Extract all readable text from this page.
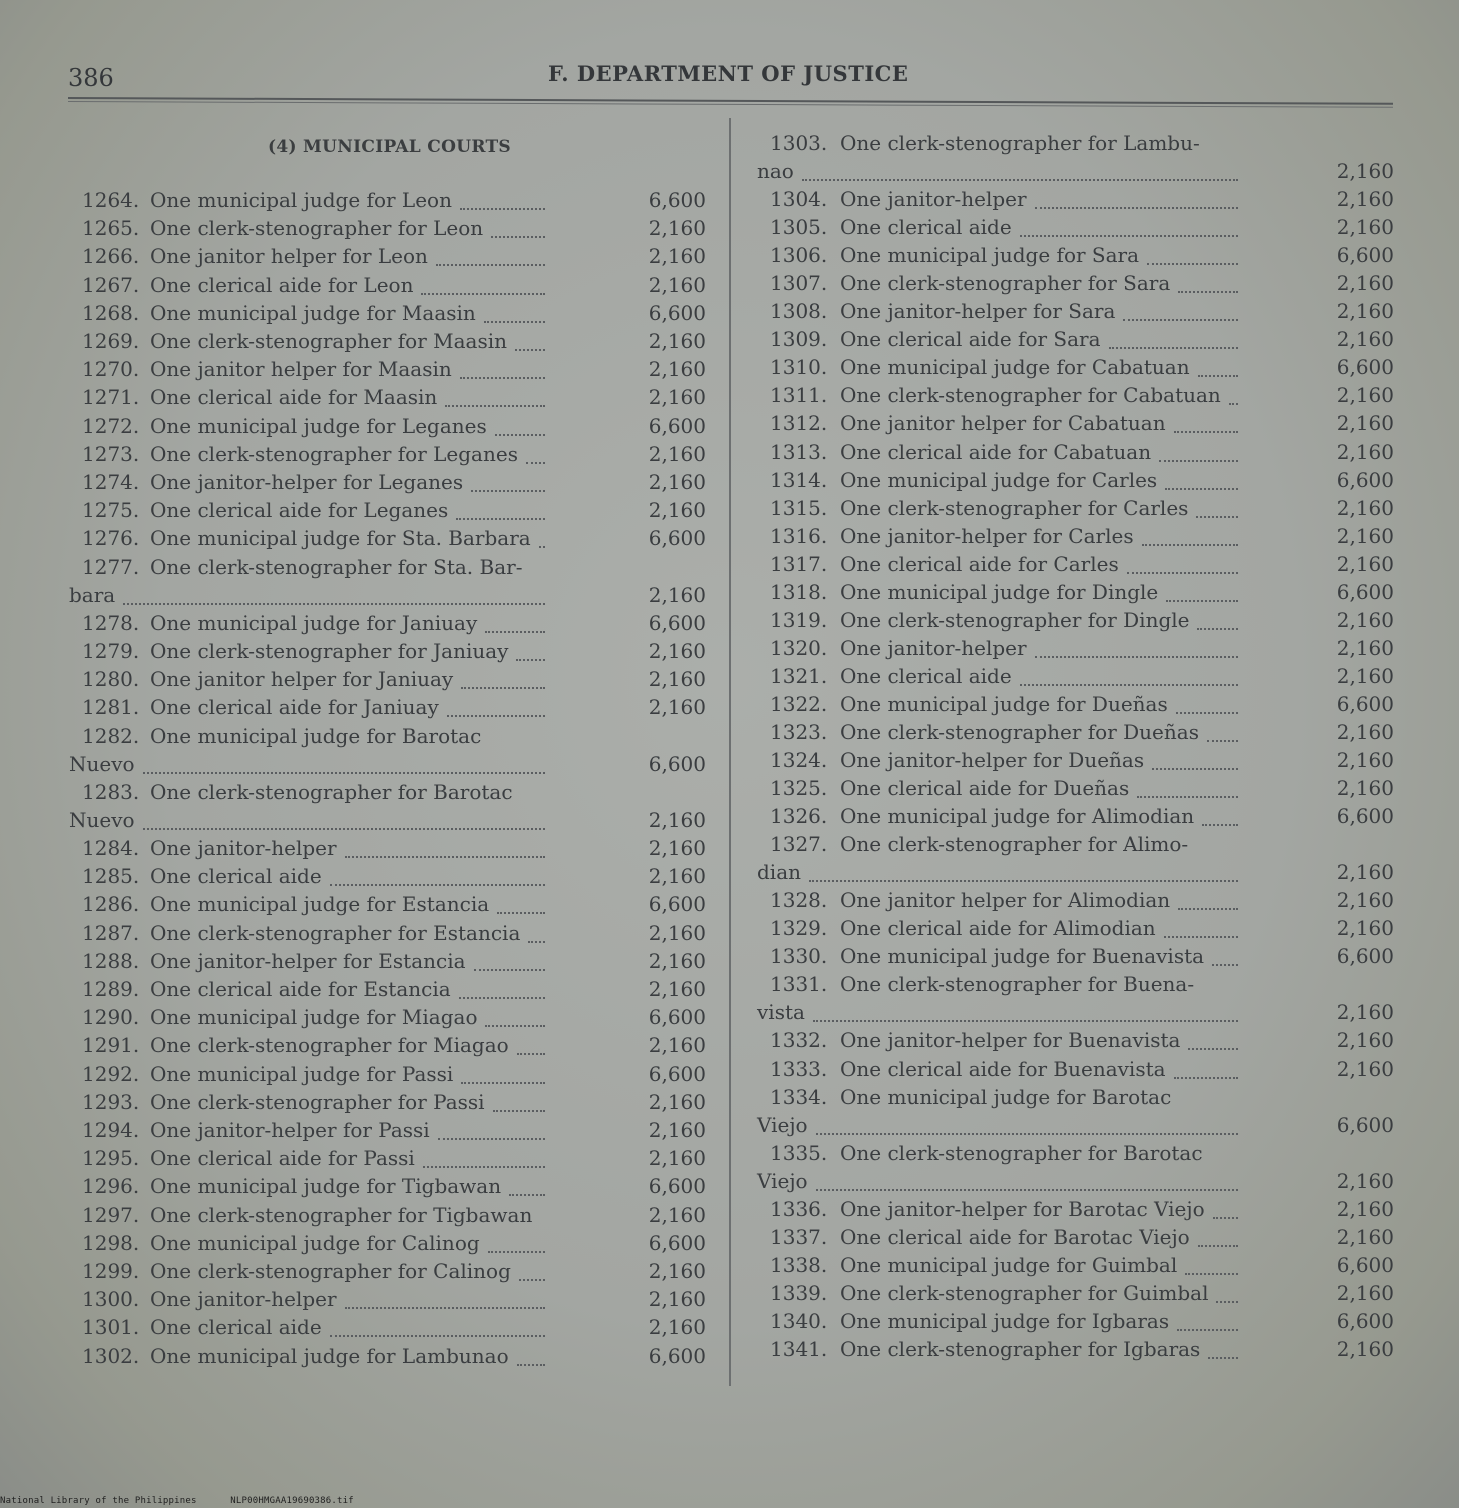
386	F. DEPARTMENT OF JUSTICE
(4) MUNICIPAL COURTS
1264. One municipal judge for Leon	6,600
1265. One clerk-stenographer for Leon	2,160
1266. One janitor helper for Leon	2,160
1267. One clerical aide for Leon	2,160
1268. One municipal judge for Maasin	6,600
1269. One clerk-stenographer for Maasin	2,160
1270. One janitor helper for Maasin	2,160
1271. One clerical aide for Maasin	2,160
1272. One municipal judge for Leganes	6,600
1273. One clerk-stenographer for Leganes	2,160
1274. One janitor-helper for Leganes	2,160
1275. One clerical aide for Leganes	2,160
1276. One municipal judge for Sta. Barbara	6,600
1277. One clerk-stenographer for Sta. Bar-
bara	2,160
1278. One municipal judge for Janiuay	6,600
1279. One clerk-stenographer for Janiuay	2,160
1280. One janitor helper for Janiuay	2,160
1281. One clerical aide for Janiuay	2,160
1282. One municipal judge for Barotac
Nuevo	6,600
1283. One clerk-stenographer for Barotac
Nuevo	2,160
1284. One janitor-helper	2,160
1285. One clerical aide	2,160
1286. One municipal judge for Estancia	6,600
1287. One clerk-stenographer for Estancia	2,160
1288. One janitor-helper for Estancia	2,160
1289. One clerical aide for Estancia	2,160
1290. One municipal judge for Miagao	6,600
1291. One clerk-stenographer for Miagao	2,160
1292. One municipal judge for Passi	6,600
1293. One clerk-stenographer for Passi	2,160
1294. One janitor-helper for Passi	2,160
1295. One clerical aide for Passi	2,160
1296. One municipal judge for Tigbawan	6,600
1297. One clerk-stenographer for Tigbawan	2,160
1298. One municipal judge for Calinog	6,600
1299. One clerk-stenographer for Calinog	2,160
1300. One janitor-helper	2,160
1301. One clerical aide	2,160
1302. One municipal judge for Lambunao	6,600
1303. One clerk-stenographer for Lambu-
nao	2,160
1304. One janitor-helper	2,160
1305. One clerical aide	2,160
1306. One municipal judge for Sara	6,600
1307. One clerk-stenographer for Sara	2,160
1308. One janitor-helper for Sara	2,160
1309. One clerical aide for Sara	2,160
1310. One municipal judge for Cabatuan	6,600
1311. One clerk-stenographer for Cabatuan	2,160
1312. One janitor helper for Cabatuan	2,160
1313. One clerical aide for Cabatuan	2,160
1314. One municipal judge for Carles	6,600
1315. One clerk-stenographer for Carles	2,160
1316. One janitor-helper for Carles	2,160
1317. One clerical aide for Carles	2,160
1318. One municipal judge for Dingle	6,600
1319. One clerk-stenographer for Dingle	2,160
1320. One janitor-helper	2,160
1321. One clerical aide	2,160
1322. One municipal judge for Dueñas	6,600
1323. One clerk-stenographer for Dueñas	2,160
1324. One janitor-helper for Dueñas	2,160
1325. One clerical aide for Dueñas	2,160
1326. One municipal judge for Alimodian	6,600
1327. One clerk-stenographer for Alimo-
dian	2,160
1328. One janitor helper for Alimodian	2,160
1329. One clerical aide for Alimodian	2,160
1330. One municipal judge for Buenavista	6,600
1331. One clerk-stenographer for Buena-
vista	2,160
1332. One janitor-helper for Buenavista	2,160
1333. One clerical aide for Buenavista	2,160
1334. One municipal judge for Barotac
Viejo	6,600
1335. One clerk-stenographer for Barotac
Viejo	2,160
1336. One janitor-helper for Barotac Viejo	2,160
1337. One clerical aide for Barotac Viejo	2,160
1338. One municipal judge for Guimbal	6,600
1339. One clerk-stenographer for Guimbal	2,160
1340. One municipal judge for Igbaras	6,600
1341. One clerk-stenographer for Igbaras	2,160
National Library of the Philippines	NLP00HMGAA19690386.tif
